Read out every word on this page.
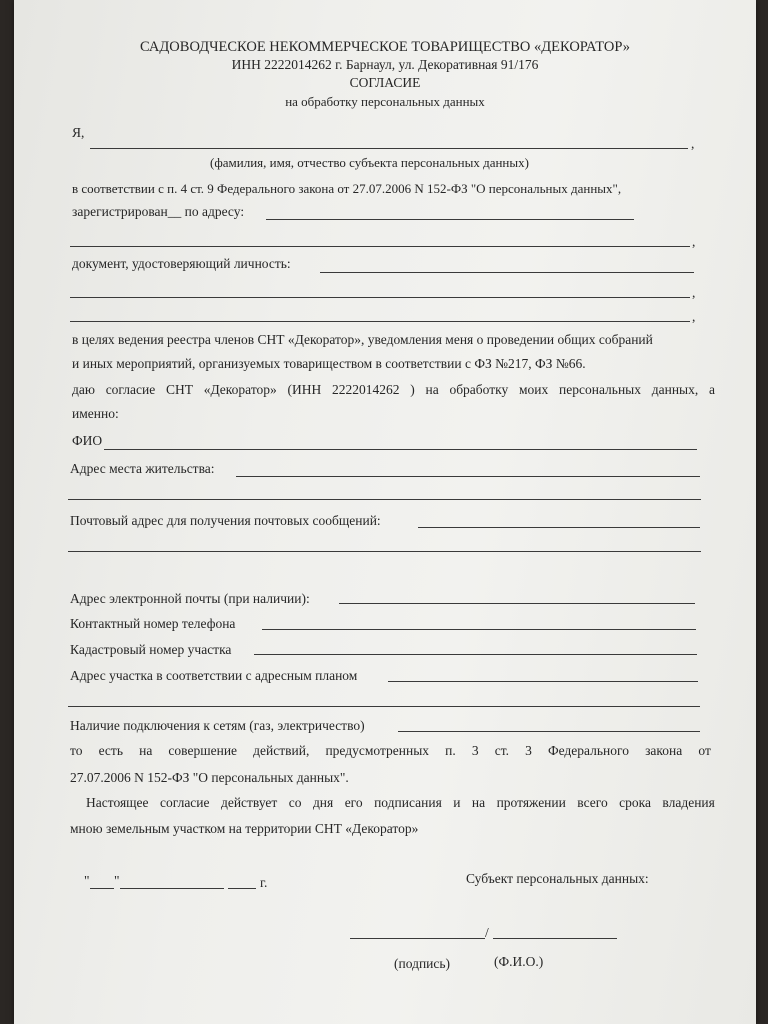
САДОВОДЧЕСКОЕ НЕКОММЕРЧЕСКОЕ ТОВАРИЩЕСТВО «ДЕКОРАТОР»
ИНН 2222014262 г. Барнаул, ул. Декоративная 91/176
СОГЛАСИЕ
на обработку персональных данных
Я,
,
(фамилия, имя, отчество субъекта персональных данных)
в соответствии с п. 4 ст. 9 Федерального закона от 27.07.2006 N 152-ФЗ "О персональных данных",
зарегистрирован__ по адресу:
,
документ, удостоверяющий личность:
,
,
в целях ведения реестра членов СНТ «Декоратор», уведомления меня о проведении общих собраний
и иных мероприятий, организуемых товариществом в соответствии с ФЗ №217, ФЗ №66.
даю согласие СНТ «Декоратор» (ИНН 2222014262 ) на обработку моих персональных данных, а
именно:
ФИО
Адрес места жительства:
Почтовый адрес для получения почтовых сообщений:
Адрес электронной почты (при наличии):
Контактный номер телефона
Кадастровый номер участка
Адрес участка в соответствии с адресным планом
Наличие подключения к сетям (газ, электричество)
то есть на совершение действий, предусмотренных п. 3 ст. 3 Федерального закона от
27.07.2006 N 152-ФЗ "О персональных данных".
Настоящее согласие действует со дня его подписания и на протяжении всего срока владения
мною земельным участком на территории СНТ «Декоратор»
" "	г.	Субъект персональных данных:
/
(подпись)	(Ф.И.О.)
